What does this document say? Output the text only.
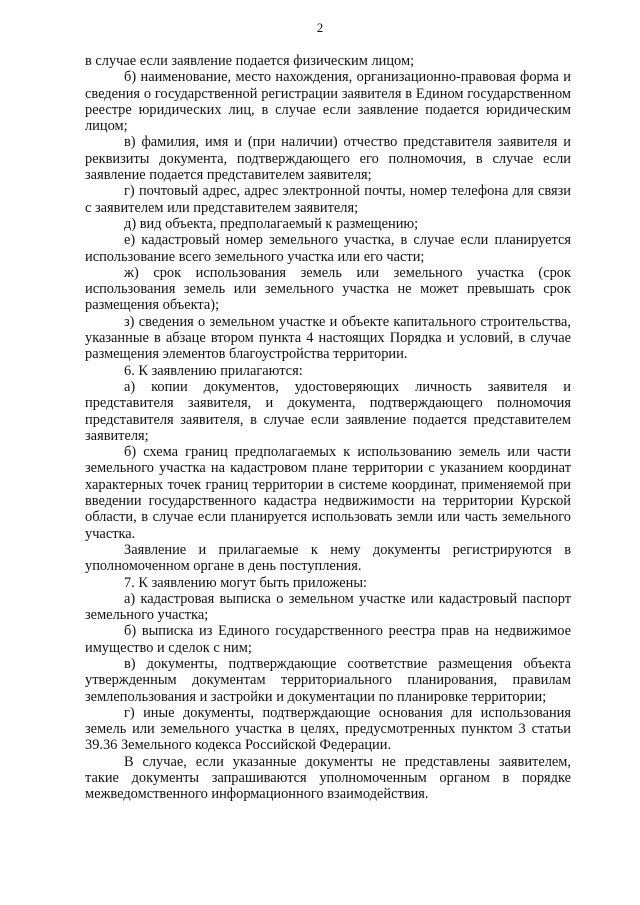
2

в случае если заявление подается физическим лицом;

б) наименование, место нахождения, организационно-правовая форма и сведения о государственной регистрации заявителя в Едином государственном реестре юридических лиц, в случае если заявление подается юридическим лицом;

в) фамилия, имя и (при наличии) отчество представителя заявителя и реквизиты документа, подтверждающего его полномочия, в случае если заявление подается представителем заявителя;

г) почтовый адрес, адрес электронной почты, номер телефона для связи с заявителем или представителем заявителя;

д) вид объекта, предполагаемый к размещению;

е) кадастровый номер земельного участка, в случае если планируется использование всего земельного участка или его части;

ж) срок использования земель или земельного участка (срок использования земель или земельного участка не может превышать срок размещения объекта);

з) сведения о земельном участке и объекте капитального строительства, указанные в абзаце втором пункта 4 настоящих Порядка и условий, в случае размещения элементов благоустройства территории.

6. К заявлению прилагаются:

а) копии документов, удостоверяющих личность заявителя и представителя заявителя, и документа, подтверждающего полномочия представителя заявителя, в случае если заявление подается представителем заявителя;

б) схема границ предполагаемых к использованию земель или части земельного участка на кадастровом плане территории с указанием координат характерных точек границ территории в системе координат, применяемой при введении государственного кадастра недвижимости на территории Курской области, в случае если планируется использовать земли или часть земельного участка.

Заявление и прилагаемые к нему документы регистрируются в уполномоченном органе в день поступления.

7. К заявлению могут быть приложены:

а) кадастровая выписка о земельном участке или кадастровый паспорт земельного участка;

б) выписка из Единого государственного реестра прав на недвижимое имущество и сделок с ним;

в) документы, подтверждающие соответствие размещения объекта утвержденным документам территориального планирования, правилам землепользования и застройки и документации по планировке территории;

г) иные документы, подтверждающие основания для использования земель или земельного участка в целях, предусмотренных пунктом 3 статьи 39.36 Земельного кодекса Российской Федерации.

В случае, если указанные документы не представлены заявителем, такие документы запрашиваются уполномоченным органом в порядке межведомственного информационного взаимодействия.
